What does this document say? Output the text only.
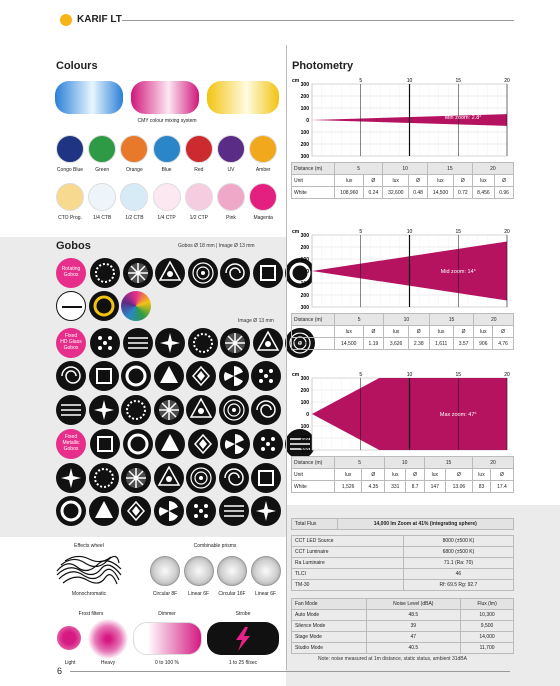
KARIF LT
Colours
CMY colour mixing system
Congo Blue	Green	Orange	Blue	Red	UV	Amber
CTO Prog.	1/4 CTB	1/2 CTB	1/4 CTP	1/2 CTP	Pink	Magenta
Gobos	Gobos Ø 18 mm | Image Ø 13 mm
Image Ø 13 mm
Rotating
Gobos
Fixed
HD Glass
Gobos
Fixed
Metallic
Gobos
Effects wheel
Monochromatic
Combinable prisms
Circular 8F	Linear 6F	Circular 16F	Linear 6F
Frost filters
Light	Heavy
Dimmer
0 to 100 %
Strobe
1 to 25 fl/sec
Photometry
cm	5	10	15	20
300
200
100
0
100
200
300
Min zoom: 2.8°
Distance (m)	5		10		15		20	
Unit	lux	Ø	lux	Ø	lux	Ø	lux	Ø
White	108,960	0.24	32,600	0.48	14,500	0.72	8,456	0.96
cm	5	10	15	20
300
200
100
0
100
200
300
Mid zoom: 14°
Distance (m)	5		10		15		20	
Unit	lux	Ø	lux	Ø	lux	Ø	lux	Ø
White	14,500	1.19	3,626	2.38	1,611	3.57	906	4.76
cm	5	10	15	20
300
200
100
0
100
200
300
Max zoom: 47°
Distance (m)	5		10		15		20	
Unit	lux	Ø	lux	Ø	lux	Ø	lux	Ø
White	1,526	4.35	331	8.7	147	13.06	83	17.4
Total Flux	14,000 lm Zoom at 41% (integrating sphere)
CCT LED Source	8000 (±500 K)
CCT Luminaire	6800 (±500 K)
Ra Luminaire	71.1 (Ra: 70)
TLCI	46
TM-30	Rf: 69.5 Rg: 92.7
Fan Mode	Noise Level (dBA)	Flux (lm)
Auto Mode	48.5	10,300
Silence Mode	39	9,500
Stage Mode	47	14,000
Studio Mode	40.5	11,700
Note: noise measured at 1m distance, static status, ambient 31dBA
6
